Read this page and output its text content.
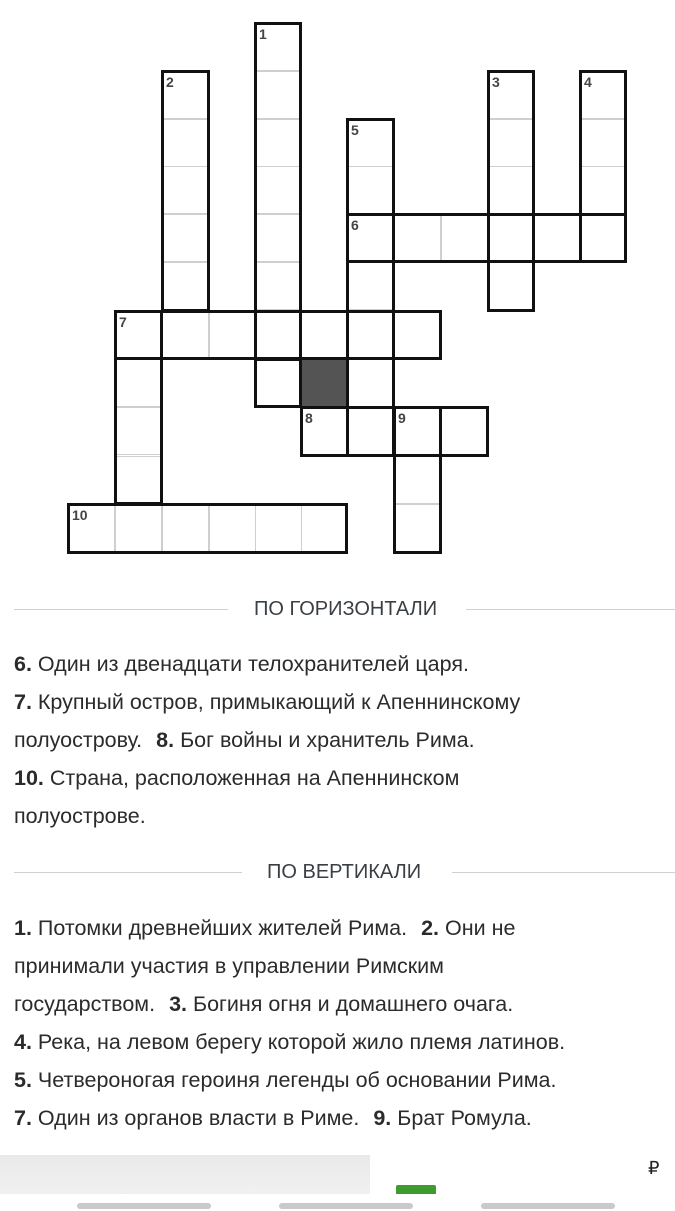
1
2	3	4
5
6
7
8	9
10
ПО ГОРИЗОНТАЛИ
6. Один из двенадцати телохранителей царя.
7. Крупный остров, примыкающий к Апеннинскому
полуострову. 8. Бог войны и хранитель Рима.
10. Страна, расположенная на Апеннинском
полуострове.
ПО ВЕРТИКАЛИ
1. Потомки древнейших жителей Рима. 2. Они не
принимали участия в управлении Римским
государством. 3. Богиня огня и домашнего очага.
4. Река, на левом берегу которой жило племя латинов.
5. Четвероногая героиня легенды об основании Рима.
7. Один из органов власти в Риме. 9. Брат Ромула.
₽
